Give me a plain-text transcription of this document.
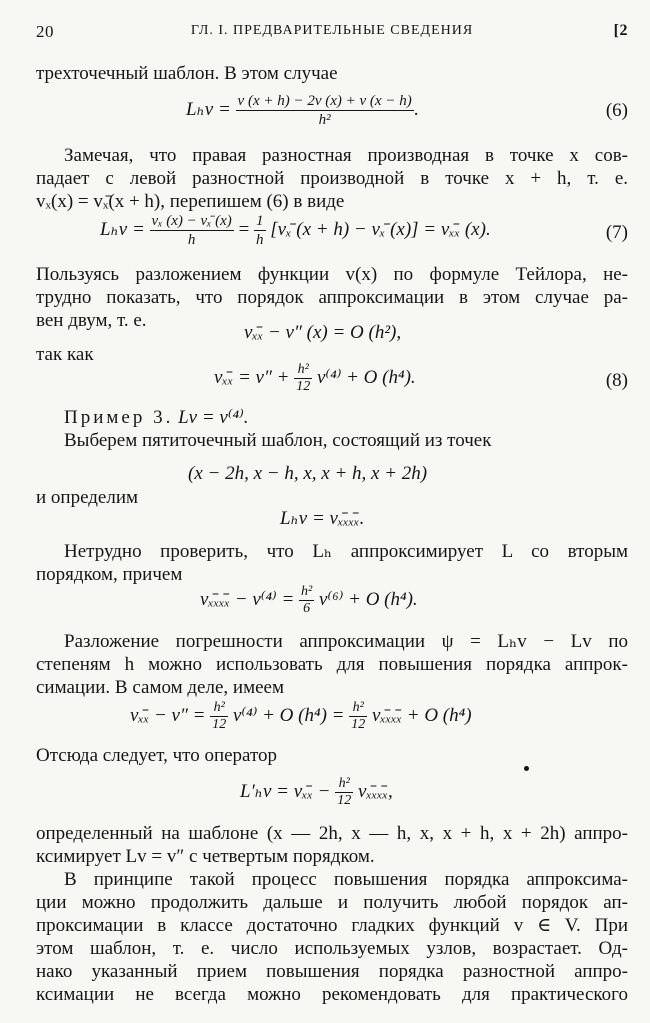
20	ГЛ. I. ПРЕДВАРИТЕЛЬНЫЕ СВЕДЕНИЯ	[2
трехточечный шаблон. В этом случае
$L_hv = \frac{v (x + h) - 2v (x) + v (x - h)}{\text{h²}}$ .	(6)
Замечая, что правая разностная производная в точке x сов-
падает с левой разностной производной в точке x + h, т. е.
vₓ(x) = vₓ̄(x + h), перепишем (6) в виде
$L_hv = \frac{\text{vₓ (x) − vₓ̄ (x)}}{h} = \frac{1}{h}$ [vₓ̄ (x + h) − vₓ̄ (x)] = vₓ̄ₓ (x).	(7)
Пользуясь разложением функции v(x) по формуле Тейлора, не-
трудно показать, что порядок аппроксимации в этом случае ра-
вен двум, т. е.
vₓ̄ₓ − v″ (x) = O (h²),
так как
vₓ̄ₓ = $v'' + \frac{\text{h²}}{12} v^{(4)} + O$ (h⁴).	(8)
Пример 3. Lv = v⁽⁴⁾.
Выберем пятиточечный шаблон, состоящий из точек
(x − 2h, x − h, x, x + h, x + 2h)
и определим
Lₕv = vₓ̄ₓₓ̄ₓ.
Нетрудно проверить, что Lₕ аппроксимирует L со вторым
порядком, причем
vₓ̄ₓₓ̄ₓ − $v^{(4)} = \frac{\text{h²}}{6} v^{(6)} + O$ (h⁴).
Разложение погрешности аппроксимации ψ = Lₕv − Lv по
степеням h можно использовать для повышения порядка аппрок-
симации. В самом деле, имеем
vₓ̄ₓ − $v'' = \frac{\text{h²}}{12} v^{(4)} + O$ $(h^4) = \frac{\text{h²}}{12}$ vₓ̄ₓₓ̄ₓ + O (h⁴)
Отсюда следует, что оператор
L′ₕv = vₓ̄ₓ − $\frac{\text{h²}}{12}$ vₓ̄ₓₓ̄ₓ,
определенный на шаблоне (x — 2h, x — h, x, x + h, x + 2h) аппро-
ксимирует Lv = v″ с четвертым порядком.
В принципе такой процесс повышения порядка аппроксима-
ции можно продолжить дальше и получить любой порядок ап-
проксимации в классе достаточно гладких функций v ∈ V. При
этом шаблон, т. е. число используемых узлов, возрастает. Од-
нако указанный прием повышения порядка разностной аппро-
ксимации не всегда можно рекомендовать для практического
